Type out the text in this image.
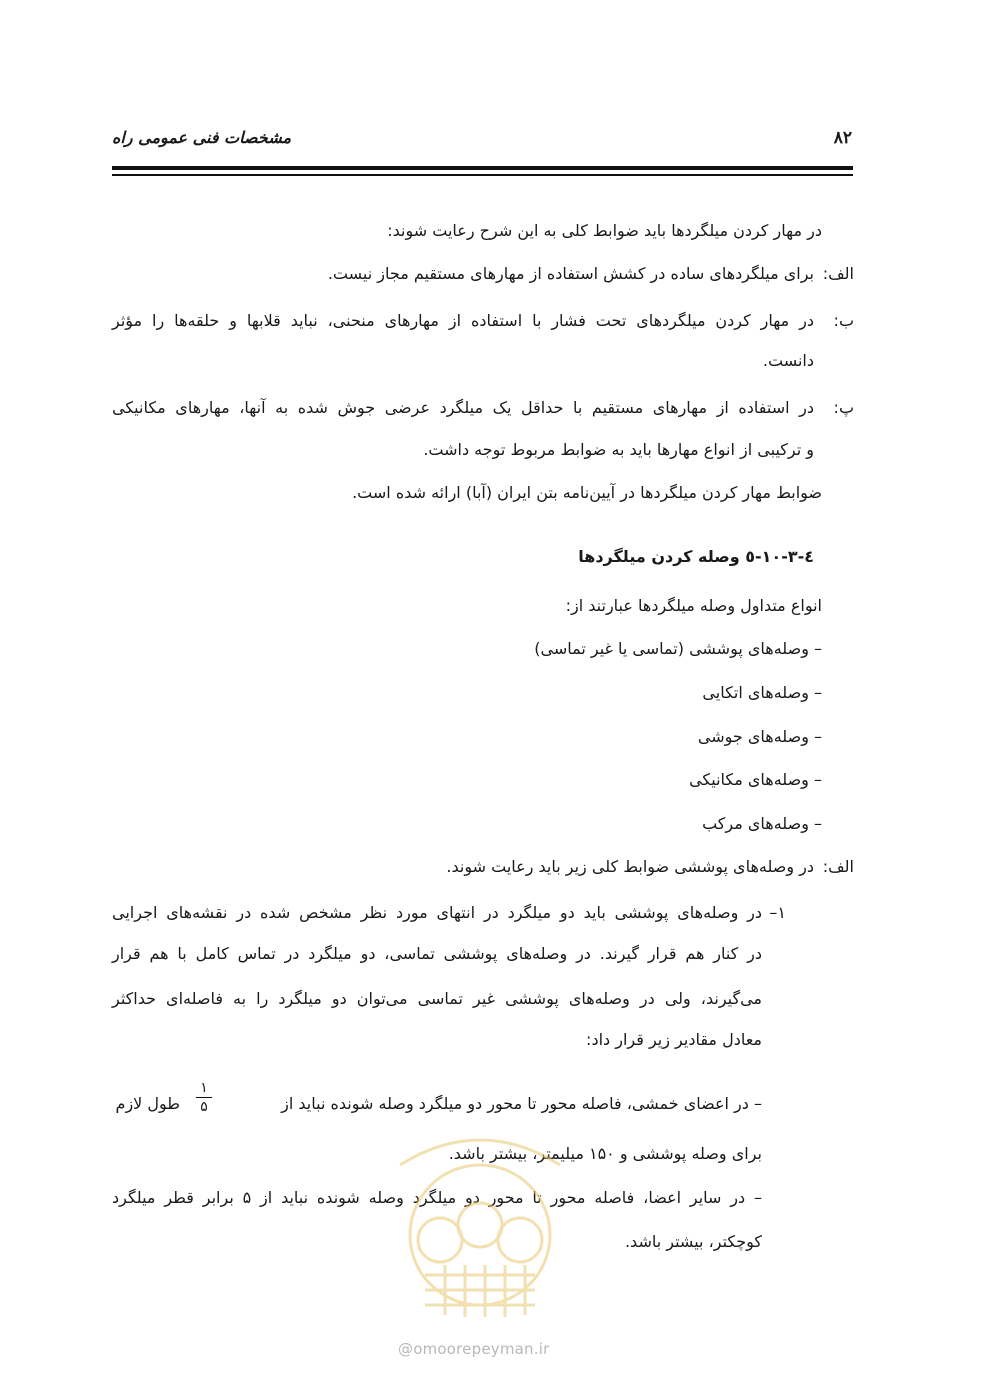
مشخصات فنی عمومی راه	۸۲
در مهار کردن میلگردها باید ضوابط کلی به این شرح رعایت شوند:
الف:
برای میلگردهای ساده در کشش استفاده از مهارهای مستقیم مجاز نیست.
ب:
در مهار کردن میلگردهای تحت فشار با استفاده از مهارهای منحنی، نباید قلابها و حلقه‌ها را مؤثر
دانست.
پ:
در استفاده از مهارهای مستقیم با حداقل یک میلگرد عرضی جوش شده به آنها، مهارهای مکانیکی
و ترکیبی از انواع مهارها باید به ضوابط مربوط توجه داشت.
ضوابط مهار کردن میلگردها در آیین‌نامه بتن ایران (آبا) ارائه شده است.
٤-٣-١٠-٥ وصله کردن میلگردها
انواع متداول وصله میلگردها عبارتند از:
– وصله‌های پوششی (تماسی یا غیر تماسی)
– وصله‌های اتکایی
– وصله‌های جوشی
– وصله‌های مکانیکی
– وصله‌های مرکب
الف:
در وصله‌های پوششی ضوابط کلی زیر باید رعایت شوند.
١–
در وصله‌های پوششی باید دو میلگرد در انتهای مورد نظر مشخص شده در نقشه‌های اجرایی
در کنار هم قرار گیرند. در وصله‌های پوششی تماسی، دو میلگرد در تماس کامل با هم قرار
می‌گیرند، ولی در وصله‌های پوششی غیر تماسی می‌توان دو میلگرد را به فاصله‌ای حداکثر
معادل مقادیر زیر قرار داد:
– در اعضای خمشی، فاصله محور تا محور دو میلگرد وصله شونده نباید از
١
۵
طول لازم
برای وصله پوششی و ۱۵۰ میلیمتر، بیشتر باشد.
– در سایر اعضا، فاصله محور تا محور دو میلگرد وصله شونده نباید از ۵ برابر قطر میلگرد
کوچکتر، بیشتر باشد.
@omoorepeyman.ir
